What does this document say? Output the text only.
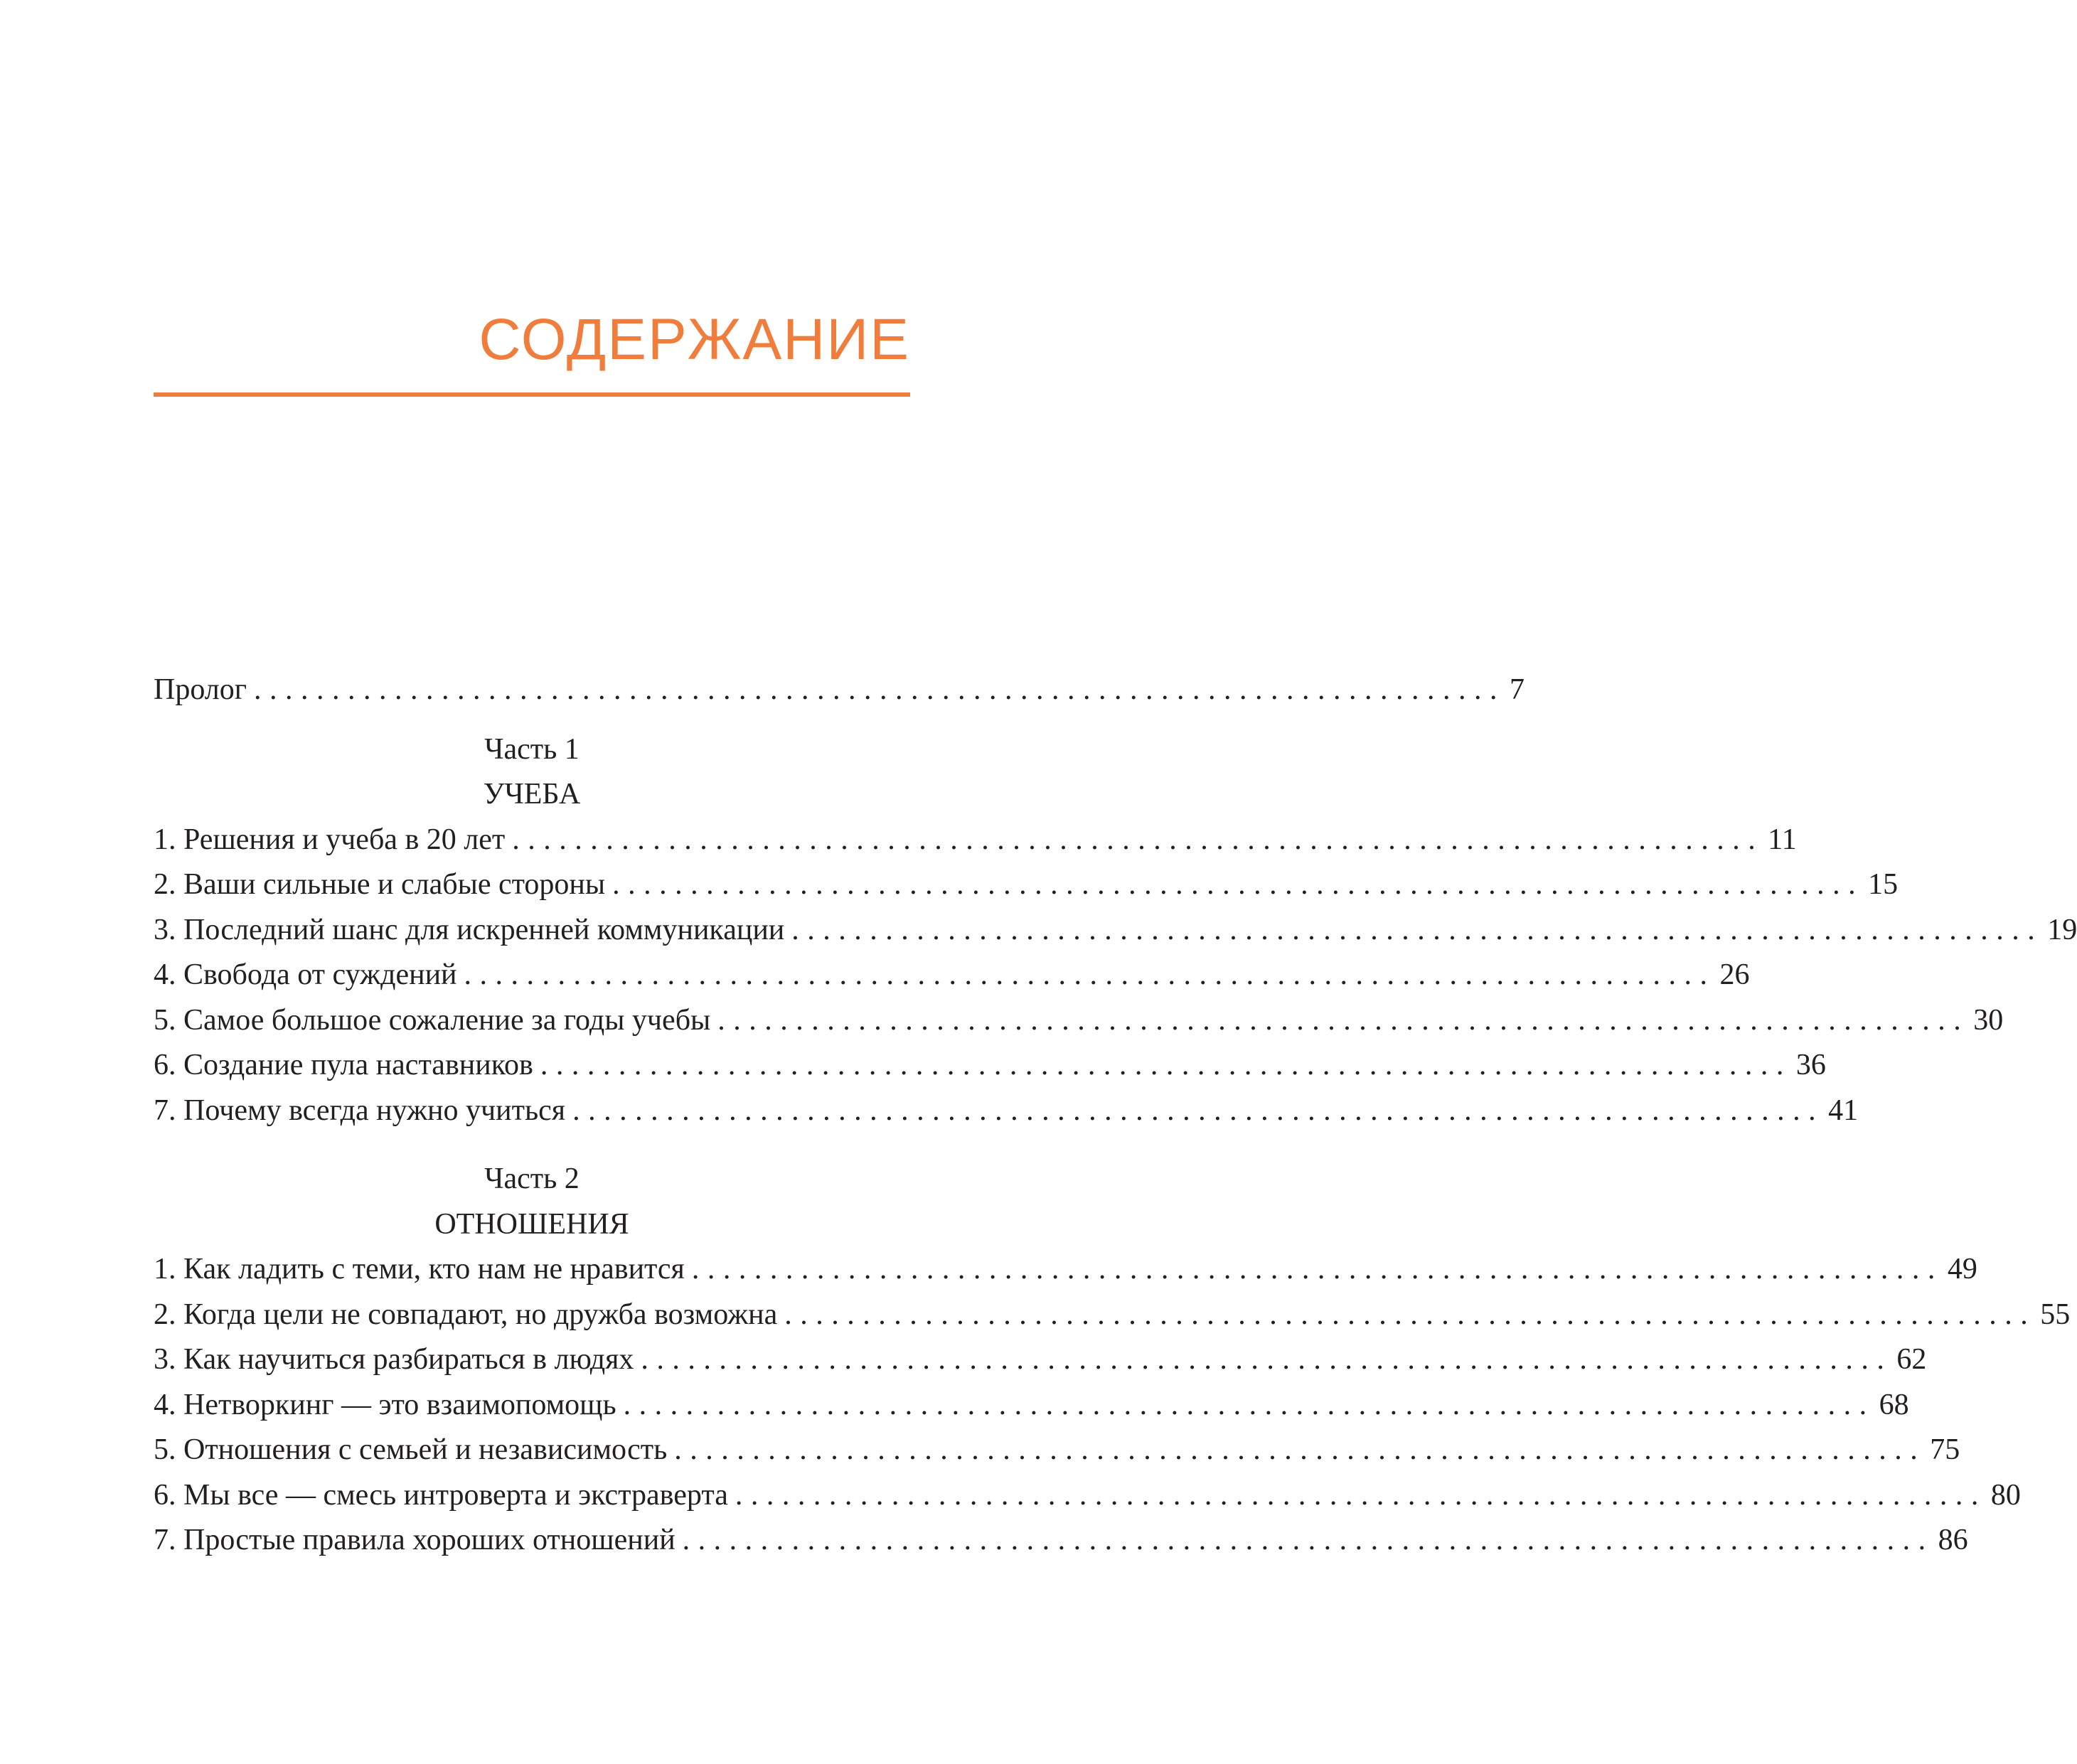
СОДЕРЖАНИЕ
Пролог ................................................................................ 7
Часть 1
УЧЕБА
1. Решения и учеба в 20 лет ................................................................................ 11
2. Ваши сильные и слабые стороны ................................................................................ 15
3. Последний шанс для искренней коммуникации ................................................................................ 19
4. Свобода от суждений ................................................................................ 26
5. Самое большое сожаление за годы учебы ................................................................................ 30
6. Создание пула наставников ................................................................................ 36
7. Почему всегда нужно учиться ................................................................................ 41
Часть 2
ОТНОШЕНИЯ
1. Как ладить с теми, кто нам не нравится ................................................................................ 49
2. Когда цели не совпадают, но дружба возможна ................................................................................ 55
3. Как научиться разбираться в людях ................................................................................ 62
4. Нетворкинг — это взаимопомощь ................................................................................ 68
5. Отношения с семьей и независимость ................................................................................ 75
6. Мы все — смесь интроверта и экстраверта ................................................................................ 80
7. Простые правила хороших отношений ................................................................................ 86
